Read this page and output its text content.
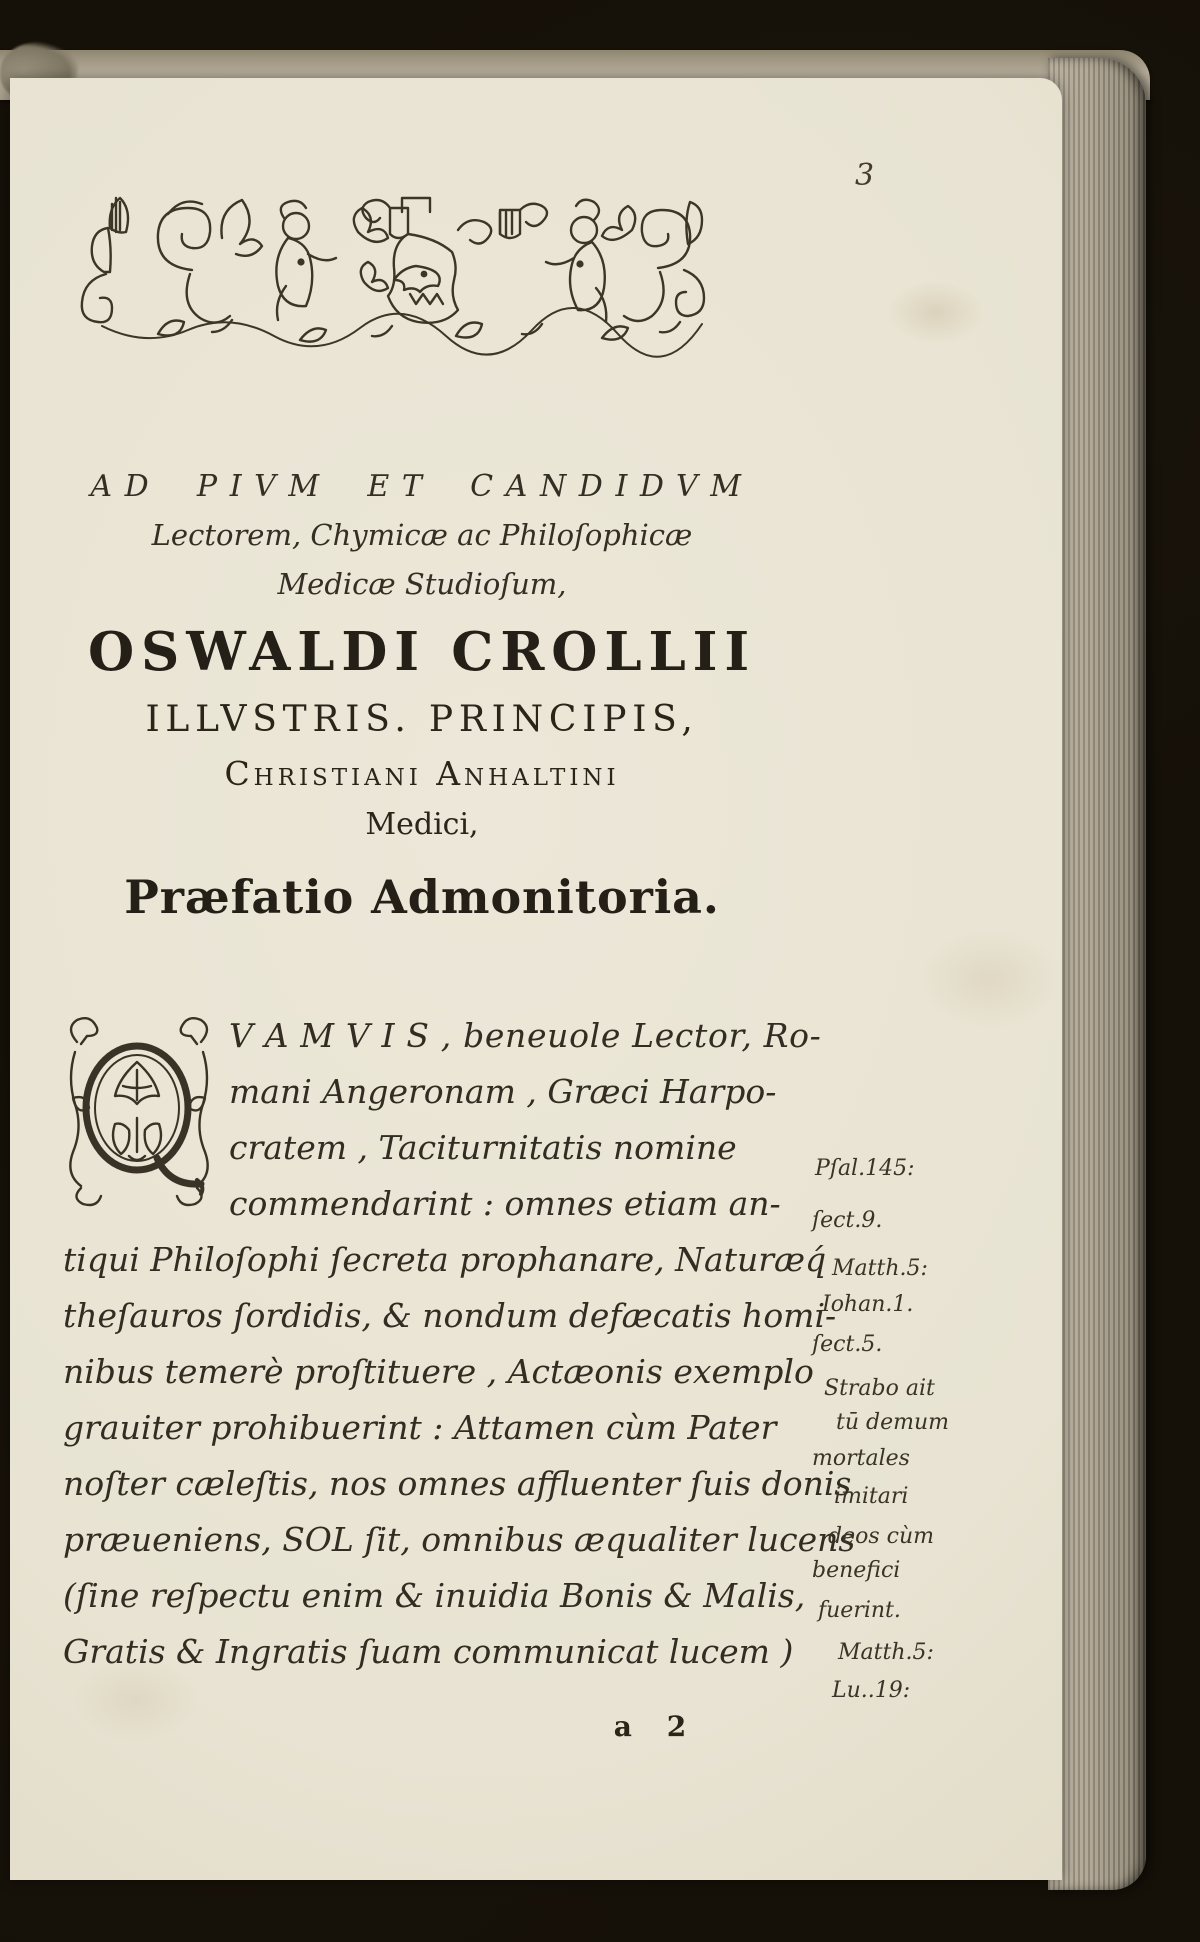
3
AD PIVM ET CANDIDVM
Lectorem, Chymicæ ac Philoſophicæ
Medicæ Studioſum,
OSWALDI CROLLII
ILLVSTRIS. PRINCIPIS,
Christiani Anhaltini
Medici,
Præfatio Admonitoria.
V A M V I S , beneuole Lector, Ro-
mani Angeronam , Græci Harpo-
cratem , Taciturnitatis nomine
commendarint : omnes etiam an-
tiqui Philoſophi ſecreta prophanare, Naturæq́
theſauros ſordidis, & nondum defæcatis homi-
nibus temerè proſtituere , Actæonis exemplo
grauiter prohibuerint : Attamen cùm Pater
noſter cæleſtis, nos omnes affluenter ſuis donis
præueniens, SOL ſit, omnibus æqualiter lucens
(ſine reſpectu enim & inuidia Bonis & Malis,
Gratis & Ingratis ſuam communicat lucem )
Pſal.145:
ſect.9.
Matth.5:
Iohan.1.
ſect.5.
Strabo ait
tū demum
mortales
imitari
deos cùm
benefici
fuerint.
Matth.5:
Lu..19:
a 2
